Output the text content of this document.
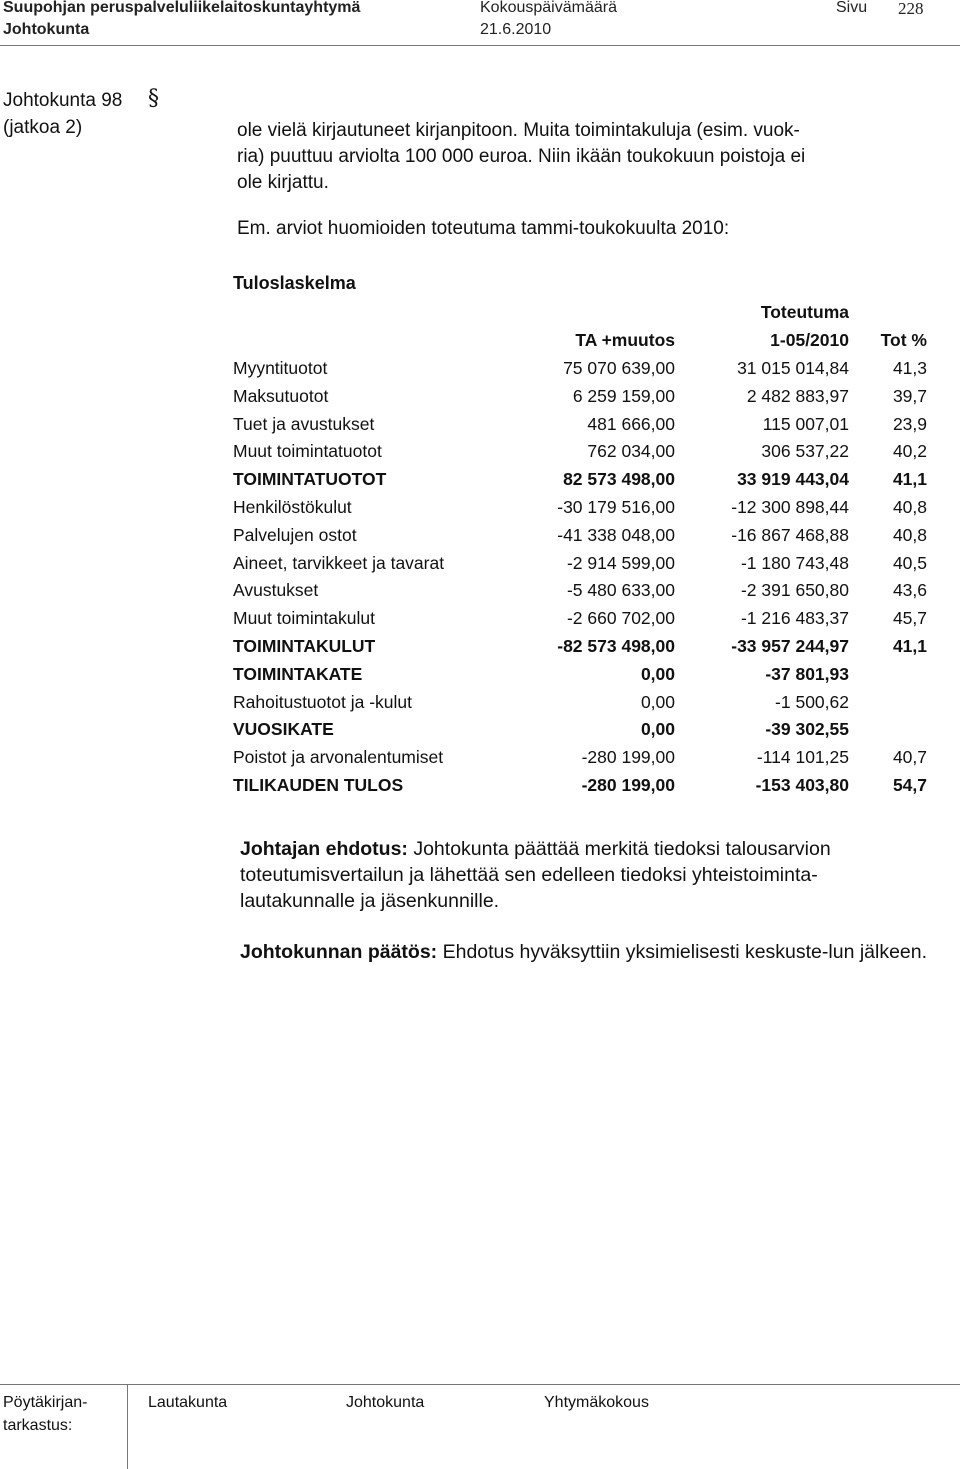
Suupohjan peruspalveluliikelaitoskuntayhtymä	Kokouspäivämäärä	Sivu 228
Johtokunta	21.6.2010
Johtokunta 98 §
(jatkoa 2)	ole vielä kirjautuneet kirjanpitoon. Muita toimintakuluja (esim. vuok-
ria) puuttuu arviolta 100 000 euroa. Niin ikään toukokuun poistoja ei
ole kirjattu.
Em. arviot huomioiden toteutuma tammi-toukokuulta 2010:
Tuloslaskelma
Toteutuma
TA +muutos	1-05/2010 Tot %
Myyntituotot	75 070 639,00	31 015 014,84	41,3
Maksutuotot	6 259 159,00	2 482 883,97	39,7
Tuet ja avustukset	481 666,00	115 007,01	23,9
Muut toimintatuotot	762 034,00	306 537,22	40,2
TOIMINTATUOTOT	82 573 498,00	33 919 443,04	41,1
Henkilöstökulut	-30 179 516,00	-12 300 898,44	40,8
Palvelujen ostot	-41 338 048,00	-16 867 468,88	40,8
Aineet, tarvikkeet ja tavarat	-2 914 599,00	-1 180 743,48	40,5
Avustukset	-5 480 633,00	-2 391 650,80	43,6
Muut toimintakulut	-2 660 702,00	-1 216 483,37	45,7
TOIMINTAKULUT	-82 573 498,00	-33 957 244,97	41,1
TOIMINTAKATE	0,00	-37 801,93
Rahoitustuotot ja -kulut	0,00	-1 500,62
VUOSIKATE	0,00	-39 302,55
Poistot ja arvonalentumiset	-280 199,00	-114 101,25	40,7
TILIKAUDEN TULOS	-280 199,00	-153 403,80	54,7
Johtajan ehdotus: Johtokunta päättää merkitä tiedoksi talousarvion toteutumisvertailun ja lähettää sen edelleen tiedoksi yhteistoiminta-lautakunnalle ja jäsenkunnille.
Johtokunnan päätös: Ehdotus hyväksyttiin yksimielisesti keskuste-lun jälkeen.
Pöytäkirjan-
tarkastus:
Lautakunta	Johtokunta	Yhtymäkokous
